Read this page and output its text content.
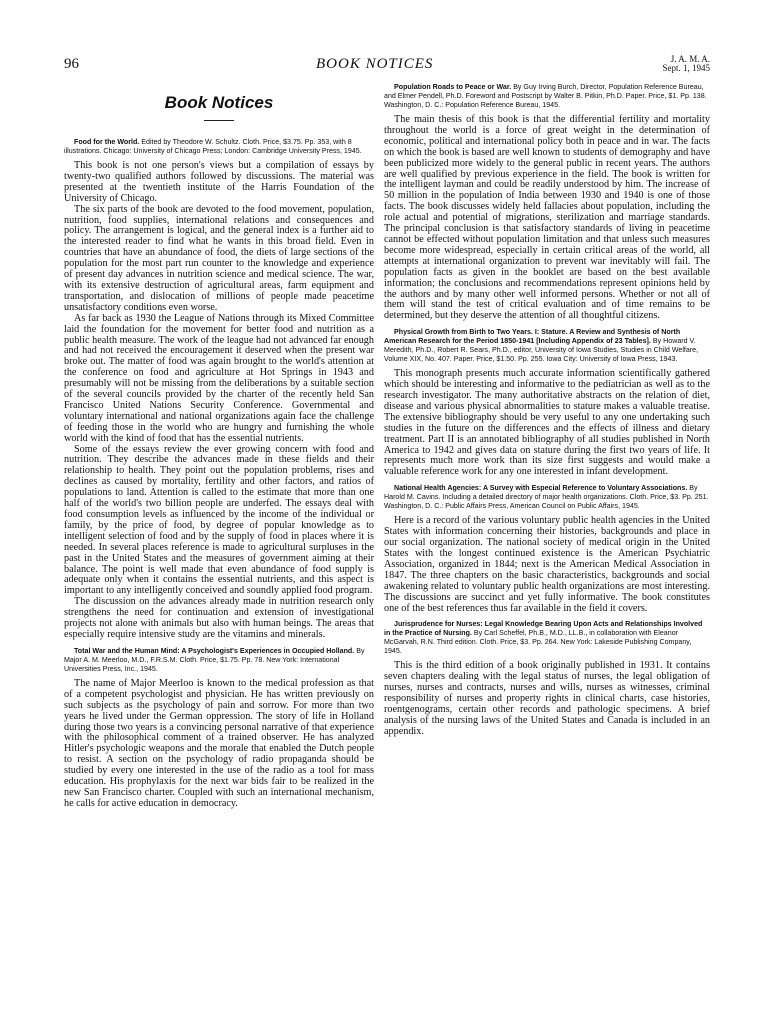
96	BOOK NOTICES	J. A. M. A.
Sept. 1, 1945
Book Notices
Food for the World. Edited by Theodore W. Schultz. Cloth. Price, $3.75. Pp. 353, with 8 illustrations. Chicago: University of Chicago Press; London: Cambridge University Press, 1945.

This book is not one person's views but a compilation of essays by twenty-two qualified authors followed by discussions. The material was presented at the twentieth institute of the Harris Foundation of the University of Chicago.

The six parts of the book are devoted to the food movement, population, nutrition, food supplies, international relations and consequences and policy. The arrangement is logical, and the general index is a further aid to the interested reader to find what he wants in this broad field. Even in countries that have an abundance of food, the diets of large sections of the population for the most part run counter to the knowledge and experience of present day advances in nutrition science and medical science. The war, with its extensive destruction of agricultural areas, farm equipment and transportation, and dislocation of millions of people made peacetime unsatisfactory conditions even worse.

As far back as 1930 the League of Nations through its Mixed Committee laid the foundation for the movement for better food and nutrition as a public health measure. The work of the league had not advanced far enough and had not received the encouragement it deserved when the present war broke out. The matter of food was again brought to the world's attention at the conference on food and agriculture at Hot Springs in 1943 and presumably will not be missing from the deliberations by a suitable section of the several councils provided by the charter of the recently held San Francisco United Nations Security Conference. Governmental and voluntary international and national organizations again face the challenge of feeding those in the world who are hungry and furnishing the whole world with the kind of food that has the essential nutrients.

Some of the essays review the ever growing concern with food and nutrition. They describe the advances made in these fields and their relationship to health. They point out the population problems, rises and declines as caused by mortality, fertility and other factors, and ratios of populations to land. Attention is called to the estimate that more than one half of the world's two billion people are underfed. The essays deal with food consumption levels as influenced by the income of the individual or family, by the price of food, by degree of popular knowledge as to intelligent selection of food and by the supply of food in places where it is needed. In several places reference is made to agricultural surpluses in the past in the United States and the measures of government aiming at their balance. The point is well made that even abundance of food supply is adequate only when it contains the essential nutrients, and this aspect is important to any intelligently conceived and soundly applied food program.

The discussion on the advances already made in nutrition research only strengthens the need for continuation and extension of investigational projects not alone with animals but also with human beings. The areas that especially require intensive study are the vitamins and minerals.

Total War and the Human Mind: A Psychologist's Experiences in Occupied Holland. By Major A. M. Meerloo, M.D., F.R.S.M. Cloth. Price, $1.75. Pp. 78. New York: International Universities Press, Inc., 1945.

The name of Major Meerloo is known to the medical profession as that of a competent psychologist and physician. He has written previously on such subjects as the psychology of pain and sorrow. For more than two years he lived under the German oppression. The story of life in Holland during those two years is a convincing personal narrative of that experience with the philosophical comment of a trained observer. He has analyzed Hitler's psychologic weapons and the morale that enabled the Dutch people to resist. A section on the psychology of radio propaganda should be studied by every one interested in the use of the radio as a tool for mass education. His prophylaxis for the next war bids fair to be realized in the new San Francisco charter. Coupled with such an international mechanism, he calls for active education in democracy.

Population Roads to Peace or War. By Guy Irving Burch, Director, Population Reference Bureau, and Elmer Pendell, Ph.D. Foreword and Postscript by Walter B. Pitkin, Ph.D. Paper. Price, $1. Pp. 138. Washington, D. C.: Population Reference Bureau, 1945.

The main thesis of this book is that the differential fertility and mortality throughout the world is a force of great weight in the determination of economic, political and international policy both in peace and in war. The facts on which the book is based are well known to students of demography and have been publicized more widely to the general public in recent years. The authors are well qualified by previous experience in the field. The book is written for the intelligent layman and could be readily understood by him. The increase of 50 million in the population of India between 1930 and 1940 is one of those facts. The book discusses widely held fallacies about population, including the role actual and potential of migrations, sterilization and marriage standards. The principal conclusion is that satisfactory standards of living in peacetime cannot be effected without population limitation and that unless such measures become more widespread, especially in certain critical areas of the world, all attempts at international organization to prevent war inevitably will fail. The population facts as given in the booklet are based on the best available information; the conclusions and recommendations represent opinions held by the authors and by many other well informed persons. Whether or not all of them will stand the test of critical evaluation and of time remains to be determined, but they deserve the attention of all thoughtful citizens.

Physical Growth from Birth to Two Years. I: Stature. A Review and Synthesis of North American Research for the Period 1850-1941 [Including Appendix of 23 Tables]. By Howard V. Meredith, Ph.D., Robert R. Sears, Ph.D., editor, University of Iowa Studies, Studies in Child Welfare, Volume XIX, No. 407. Paper. Price, $1.50. Pp. 255. Iowa City: University of Iowa Press, 1943.

This monograph presents much accurate information scientifically gathered which should be interesting and informative to the pediatrician as well as to the research investigator. The many authoritative abstracts on the relation of diet, disease and various physical abnormalities to stature makes a valuable treatise. The extensive bibliography should be very useful to any one undertaking such studies in the future on the differences and the effects of illness and dietary treatment. Part II is an annotated bibliography of all studies published in North America to 1942 and gives data on stature during the first two years of life. It represents much more work than its size first suggests and would make a valuable reference work for any one interested in infant development.

National Health Agencies: A Survey with Especial Reference to Voluntary Associations. By Harold M. Cavins. Including a detailed directory of major health organizations. Cloth. Price, $3. Pp. 251. Washington, D. C.: Public Affairs Press, American Council on Public Affairs, 1945.

Here is a record of the various voluntary public health agencies in the United States with information concerning their histories, backgrounds and place in our social organization. The national society of medical origin in the United States with the longest continued existence is the American Psychiatric Association, organized in 1844; next is the American Medical Association in 1847. The three chapters on the basic characteristics, backgrounds and social awakening related to voluntary public health organizations are most interesting. The discussions are succinct and yet fully informative. The book constitutes one of the best references thus far available in the field it covers.

Jurisprudence for Nurses: Legal Knowledge Bearing Upon Acts and Relationships Involved in the Practice of Nursing. By Carl Scheffel, Ph.B., M.D., LL.B., in collaboration with Eleanor McGarvah, R.N. Third edition. Cloth. Price, $3. Pp. 264. New York: Lakeside Publishing Company, 1945.

This is the third edition of a book originally published in 1931. It contains seven chapters dealing with the legal status of nurses, the legal obligation of nurses, nurses and contracts, nurses and wills, nurses as witnesses, criminal responsibility of nurses and property rights in clinical charts, case histories, roentgenograms, certain other records and pathologic specimens. A brief analysis of the nursing laws of the United States and Canada is included in an appendix.
